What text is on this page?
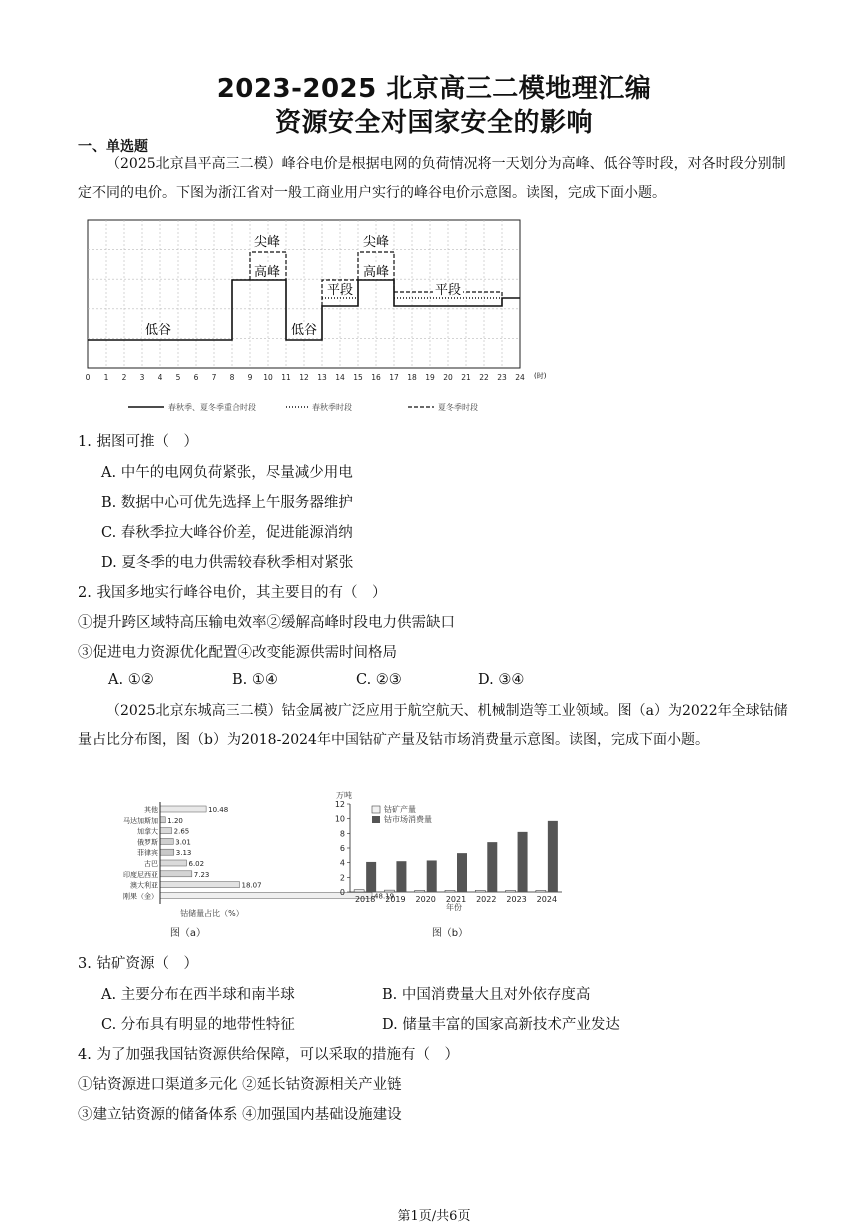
2023-2025 北京高三二模地理汇编
资源安全对国家安全的影响
一、单选题
（2025北京昌平高三二模）峰谷电价是根据电网的负荷情况将一天划分为高峰、低谷等时段，对各时段分别制定不同的电价。下图为浙江省对一般工商业用户实行的峰谷电价示意图。读图，完成下面小题。
尖峰
高峰
尖峰
高峰
平段	平段
低谷	低谷
0 1 2 3 4 5 6 7 8 9 10 11 12 13 14 15 16 17 18 19 20 21 22 23 24 (时)
春秋季、夏冬季重合时段	春秋季时段	夏冬季时段
1. 据图可推（　）
A. 中午的电网负荷紧张，尽量减少用电
B. 数据中心可优先选择上午服务器维护
C. 春秋季拉大峰谷价差，促进能源消纳
D. 夏冬季的电力供需较春秋季相对紧张
2. 我国多地实行峰谷电价，其主要目的有（　）
①提升跨区域特高压输电效率②缓解高峰时段电力供需缺口
③促进电力资源优化配置④改变能源供需时间格局
A. ①②	B. ①④	C. ②③	D. ③④
（2025北京东城高三二模）钴金属被广泛应用于航空航天、机械制造等工业领域。图（a）为2022年全球钴储量占比分布图，图（b）为2018-2024年中国钴矿产量及钴市场消费量示意图。读图，完成下面小题。
其他	10.48
马达加斯加 1.20
加拿大 2.65
俄罗斯 3.01
菲律宾	3.13
古巴	6.02
印度尼西亚	7.23
澳大利亚	18.07
刚果（金）	48.19
钴储量占比（%）
图（a）
万吨
0
2
4
6
8
10
12
2018 2019 2020 2021 2022 2023 2024
钴矿产量
钴市场消费量
年份
图（b）
3. 钴矿资源（　）
A. 主要分布在西半球和南半球	B. 中国消费量大且对外依存度高
C. 分布具有明显的地带性特征	D. 储量丰富的国家高新技术产业发达
4. 为了加强我国钴资源供给保障，可以采取的措施有（　）
①钴资源进口渠道多元化 ②延长钴资源相关产业链
③建立钴资源的储备体系 ④加强国内基础设施建设
第1页/共6页
